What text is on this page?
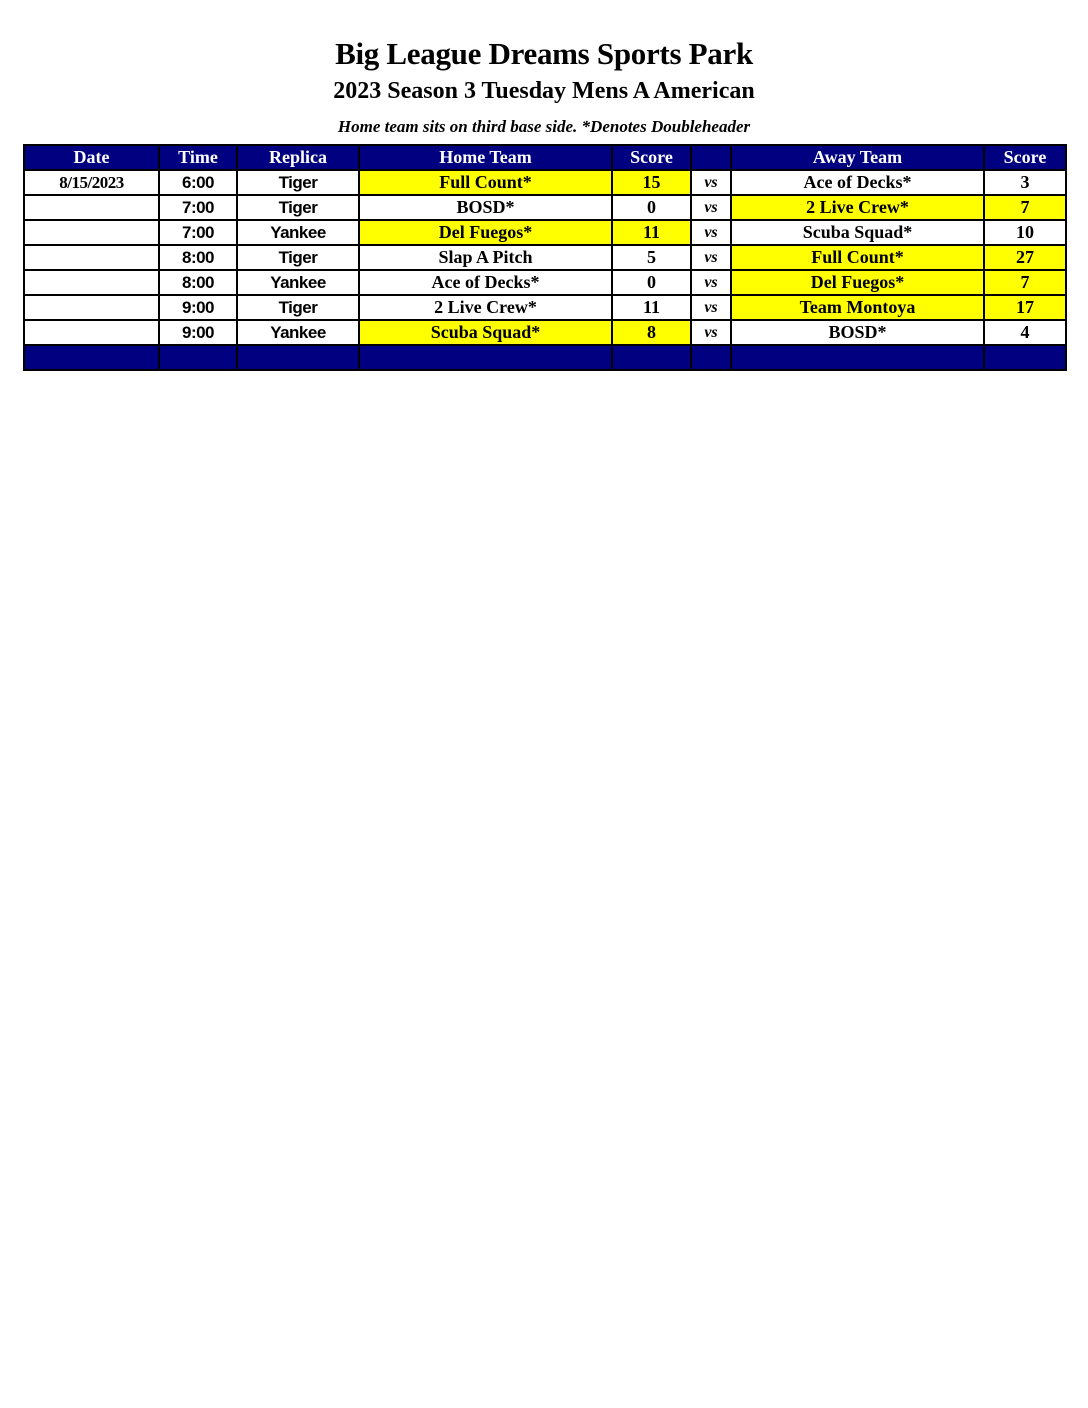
Big League Dreams Sports Park
2023 Season 3 Tuesday Mens A American
Home team sits on third base side. *Denotes Doubleheader
Date	Time	Replica	Home Team	Score		Away Team	Score
8/15/2023	6:00	Tiger	Full Count*	15	vs	Ace of Decks*	3
	7:00	Tiger	BOSD*	0	vs	2 Live Crew*	7
	7:00	Yankee	Del Fuegos*	11	vs	Scuba Squad*	10
	8:00	Tiger	Slap A Pitch	5	vs	Full Count*	27
	8:00	Yankee	Ace of Decks*	0	vs	Del Fuegos*	7
	9:00	Tiger	2 Live Crew*	11	vs	Team Montoya	17
	9:00	Yankee	Scuba Squad*	8	vs	BOSD*	4
